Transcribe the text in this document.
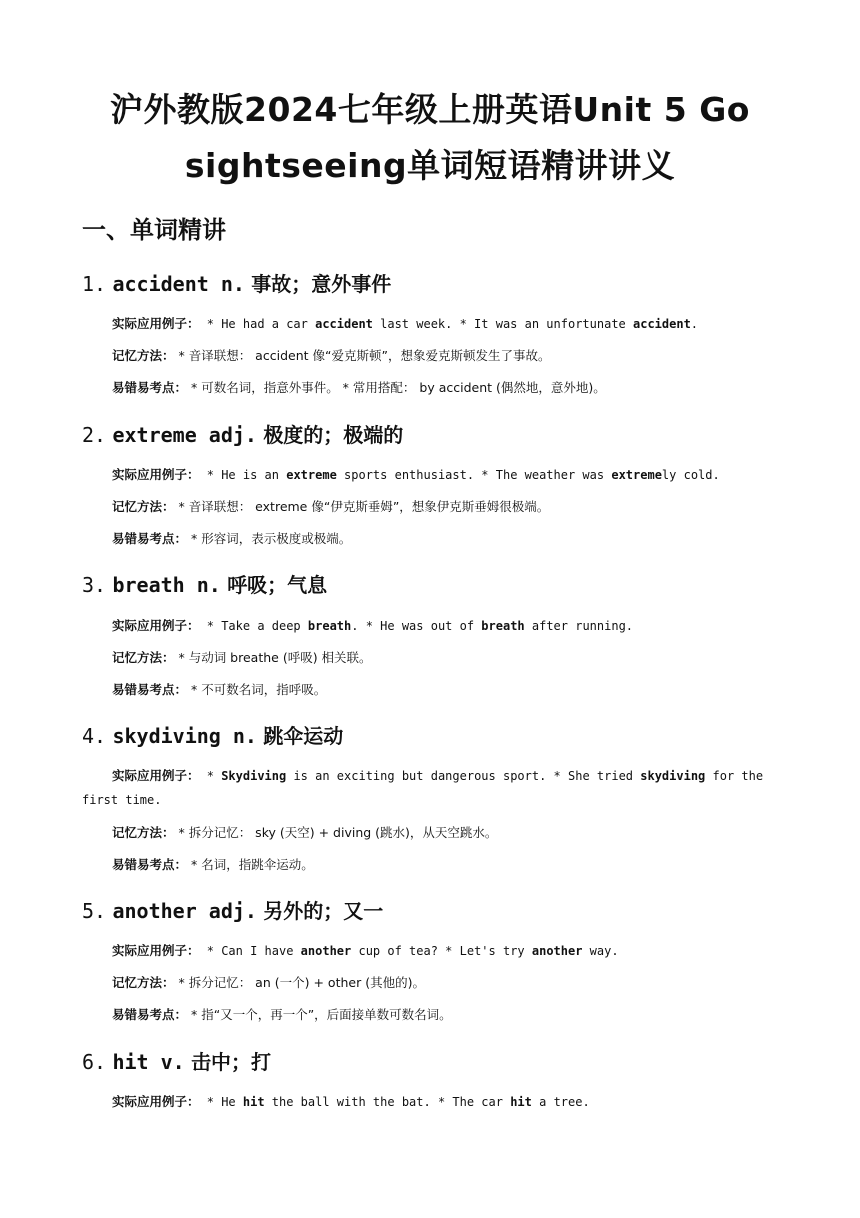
沪外教版2024七年级上册英语Unit 5 Go
sightseeing单词短语精讲讲义
一、单词精讲
1. accident n. 事故；意外事件
实际应用例子： * He had a car accident last week. * It was an unfortunate accident.
记忆方法： * 音译联想： accident 像“爱克斯顿”，想象爱克斯顿发生了事故。
易错易考点： * 可数名词，指意外事件。 * 常用搭配： by accident (偶然地，意外地)。
2. extreme adj. 极度的；极端的
实际应用例子： * He is an extreme sports enthusiast. * The weather was extremely cold.
记忆方法： * 音译联想： extreme 像“伊克斯垂姆”，想象伊克斯垂姆很极端。
易错易考点： * 形容词，表示极度或极端。
3. breath n. 呼吸；气息
实际应用例子： * Take a deep breath. * He was out of breath after running.
记忆方法： * 与动词 breathe (呼吸) 相关联。
易错易考点： * 不可数名词，指呼吸。
4. skydiving n. 跳伞运动
实际应用例子： * Skydiving is an exciting but dangerous sport. * She tried skydiving for the first time.
记忆方法： * 拆分记忆： sky (天空) + diving (跳水)，从天空跳水。
易错易考点： * 名词，指跳伞运动。
5. another adj. 另外的；又一
实际应用例子： * Can I have another cup of tea? * Let's try another way.
记忆方法： * 拆分记忆： an (一个) + other (其他的)。
易错易考点： * 指“又一个，再一个”，后面接单数可数名词。
6. hit v. 击中；打
实际应用例子： * He hit the ball with the bat. * The car hit a tree.
